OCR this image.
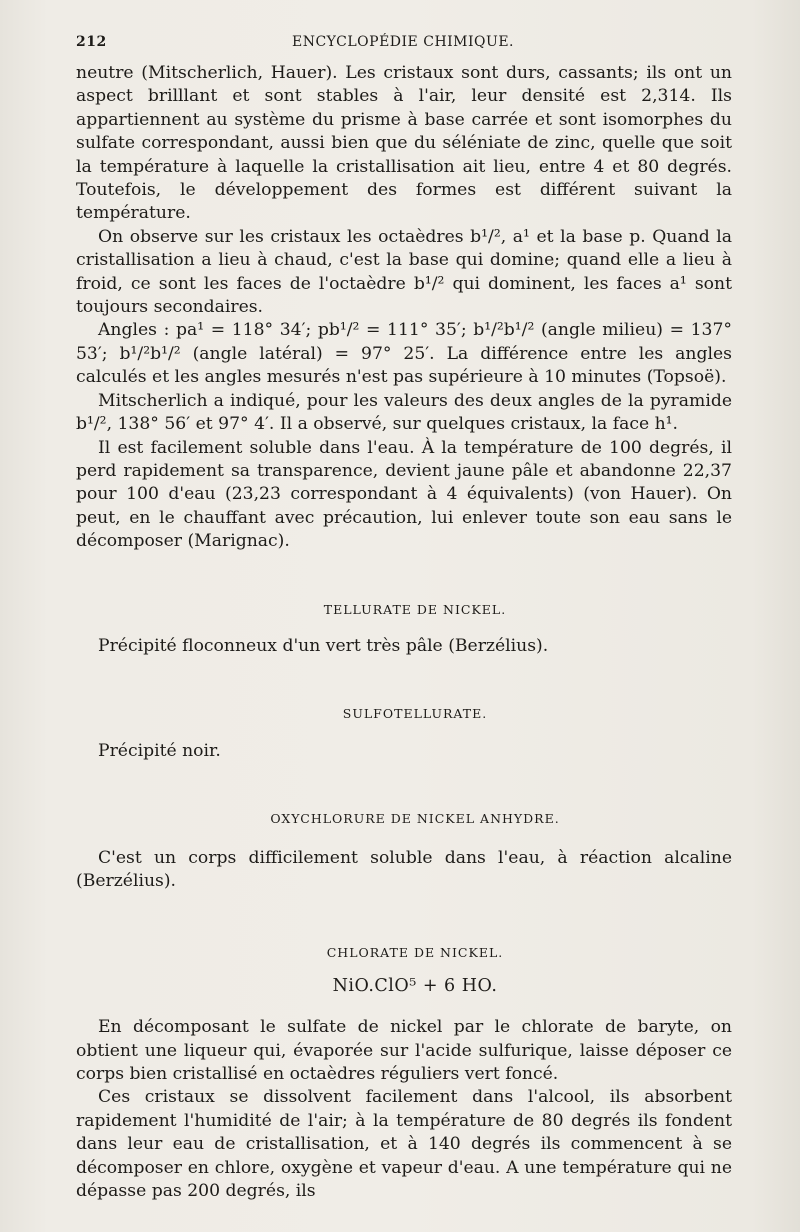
212	ENCYCLOPÉDIE CHIMIQUE.

neutre (Mitscherlich, Hauer). Les cristaux sont durs, cassants; ils ont un aspect brilllant et sont stables à l'air, leur densité est 2,314. Ils appartiennent au système du prisme à base carrée et sont isomorphes du sulfate correspondant, aussi bien que du séléniate de zinc, quelle que soit la température à laquelle la cristallisation ait lieu, entre 4 et 80 degrés. Toutefois, le développement des formes est différent suivant la température.

On observe sur les cristaux les octaèdres b¹/², a¹ et la base p. Quand la cristallisation a lieu à chaud, c'est la base qui domine; quand elle a lieu à froid, ce sont les faces de l'octaèdre b¹/² qui dominent, les faces a¹ sont toujours secondaires.

Angles : pa¹ = 118° 34′; pb¹/² = 111° 35′; b¹/²b¹/² (angle milieu) = 137° 53′; b¹/²b¹/² (angle latéral) = 97° 25′. La différence entre les angles calculés et les angles mesurés n'est pas supérieure à 10 minutes (Topsoë).

Mitscherlich a indiqué, pour les valeurs des deux angles de la pyramide b¹/², 138° 56′ et 97° 4′. Il a observé, sur quelques cristaux, la face h¹.

Il est facilement soluble dans l'eau. À la température de 100 degrés, il perd rapidement sa transparence, devient jaune pâle et abandonne 22,37 pour 100 d'eau (23,23 correspondant à 4 équivalents) (von Hauer). On peut, en le chauffant avec précaution, lui enlever toute son eau sans le décomposer (Marignac).

TELLURATE DE NICKEL.

Précipité floconneux d'un vert très pâle (Berzélius).

SULFOTELLURATE.

Précipité noir.

OXYCHLORURE DE NICKEL ANHYDRE.

C'est un corps difficilement soluble dans l'eau, à réaction alcaline (Berzélius).

CHLORATE DE NICKEL.

NiO.ClO⁵ + 6 HO.

En décomposant le sulfate de nickel par le chlorate de baryte, on obtient une liqueur qui, évaporée sur l'acide sulfurique, laisse déposer ce corps bien cristallisé en octaèdres réguliers vert foncé.

Ces cristaux se dissolvent facilement dans l'alcool, ils absorbent rapidement l'humidité de l'air; à la température de 80 degrés ils fondent dans leur eau de cristallisation, et à 140 degrés ils commencent à se décomposer en chlore, oxygène et vapeur d'eau. A une température qui ne dépasse pas 200 degrés, ils
